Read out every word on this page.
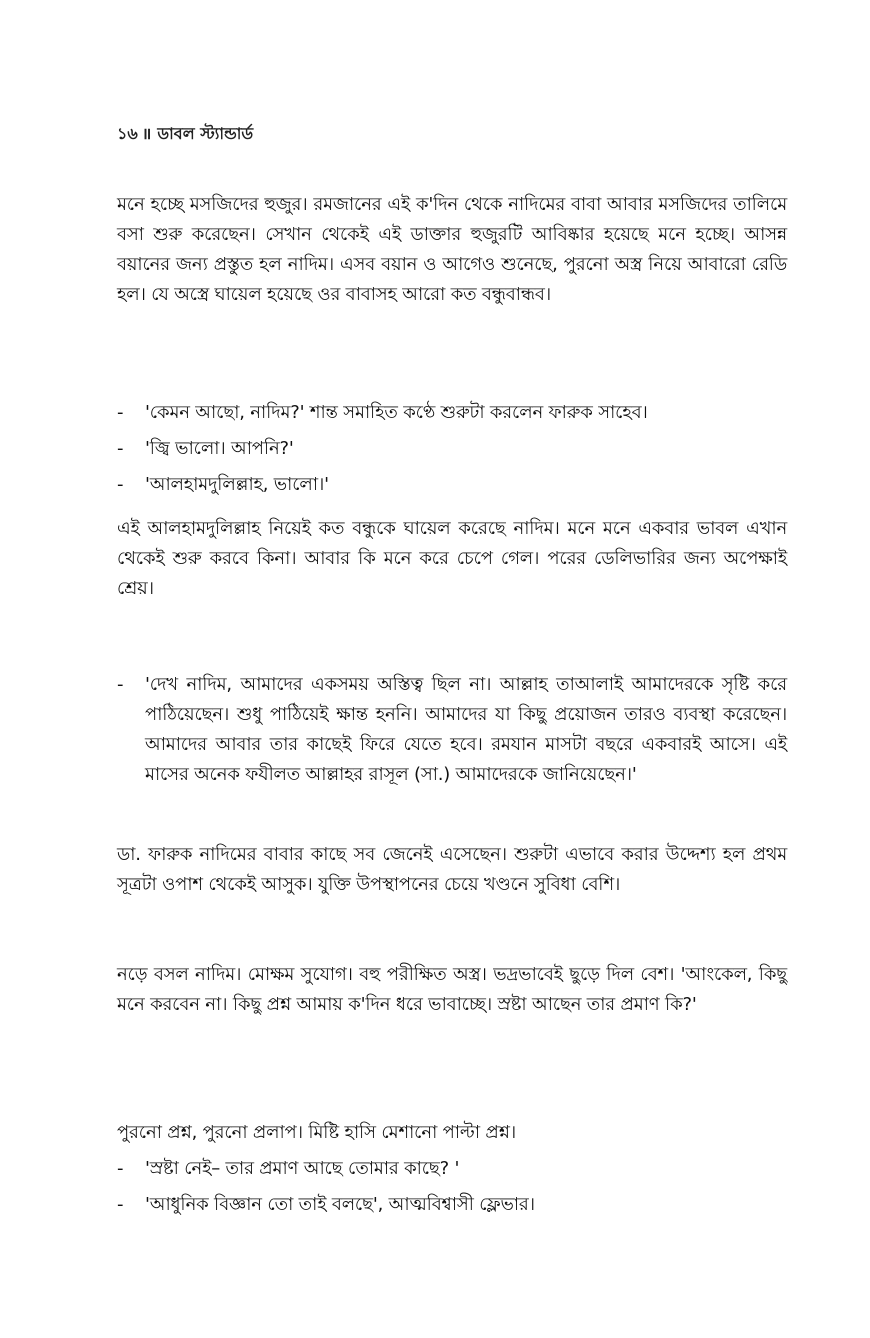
১৬ ॥ ডাবল স্ট্যান্ডার্ড

মনে হচ্ছে মসজিদের হুজুর। রমজানের এই ক'দিন থেকে নাদিমের বাবা আবার মসজিদের তালিমে বসা শুরু করেছেন। সেখান থেকেই এই ডাক্তার হুজুরটি আবিষ্কার হয়েছে মনে হচ্ছে। আসন্ন বয়ানের জন্য প্রস্তুত হল নাদিম। এসব বয়ান ও আগেও শুনেছে, পুরনো অস্ত্র নিয়ে আবারো রেডি হল। যে অস্ত্রে ঘায়েল হয়েছে ওর বাবাসহ আরো কত বন্ধুবান্ধব।

-	'কেমন আছো, নাদিম?' শান্ত সমাহিত কণ্ঠে শুরুটা করলেন ফারুক সাহেব।
-	'জ্বি ভালো। আপনি?'
-	'আলহামদুলিল্লাহ, ভালো।'

এই আলহামদুলিল্লাহ নিয়েই কত বন্ধুকে ঘায়েল করেছে নাদিম। মনে মনে একবার ভাবল এখান থেকেই শুরু করবে কিনা। আবার কি মনে করে চেপে গেল। পরের ডেলিভারির জন্য অপেক্ষাই শ্রেয়।

-	'দেখ নাদিম, আমাদের একসময় অস্তিত্ব ছিল না। আল্লাহ তাআলাই আমাদেরকে সৃষ্টি করে পাঠিয়েছেন। শুধু পাঠিয়েই ক্ষান্ত হননি। আমাদের যা কিছু প্রয়োজন তারও ব্যবস্থা করেছেন। আমাদের আবার তার কাছেই ফিরে যেতে হবে। রমযান মাসটা বছরে একবারই আসে। এই মাসের অনেক ফযীলত আল্লাহর রাসূল (সা.) আমাদেরকে জানিয়েছেন।'

ডা. ফারুক নাদিমের বাবার কাছে সব জেনেই এসেছেন। শুরুটা এভাবে করার উদ্দেশ্য হল প্রথম সূত্রটা ওপাশ থেকেই আসুক। যুক্তি উপস্থাপনের চেয়ে খণ্ডনে সুবিধা বেশি।

নড়ে বসল নাদিম। মোক্ষম সুযোগ। বহু পরীক্ষিত অস্ত্র। ভদ্রভাবেই ছুড়ে দিল বেশ। 'আংকেল, কিছু মনে করবেন না। কিছু প্রশ্ন আমায় ক'দিন ধরে ভাবাচ্ছে। স্রষ্টা আছেন তার প্রমাণ কি?'

পুরনো প্রশ্ন, পুরনো প্রলাপ। মিষ্টি হাসি মেশানো পাল্টা প্রশ্ন।

-	'স্রষ্টা নেই– তার প্রমাণ আছে তোমার কাছে? '
-	'আধুনিক বিজ্ঞান তো তাই বলছে', আত্মবিশ্বাসী ফ্লেভার।
